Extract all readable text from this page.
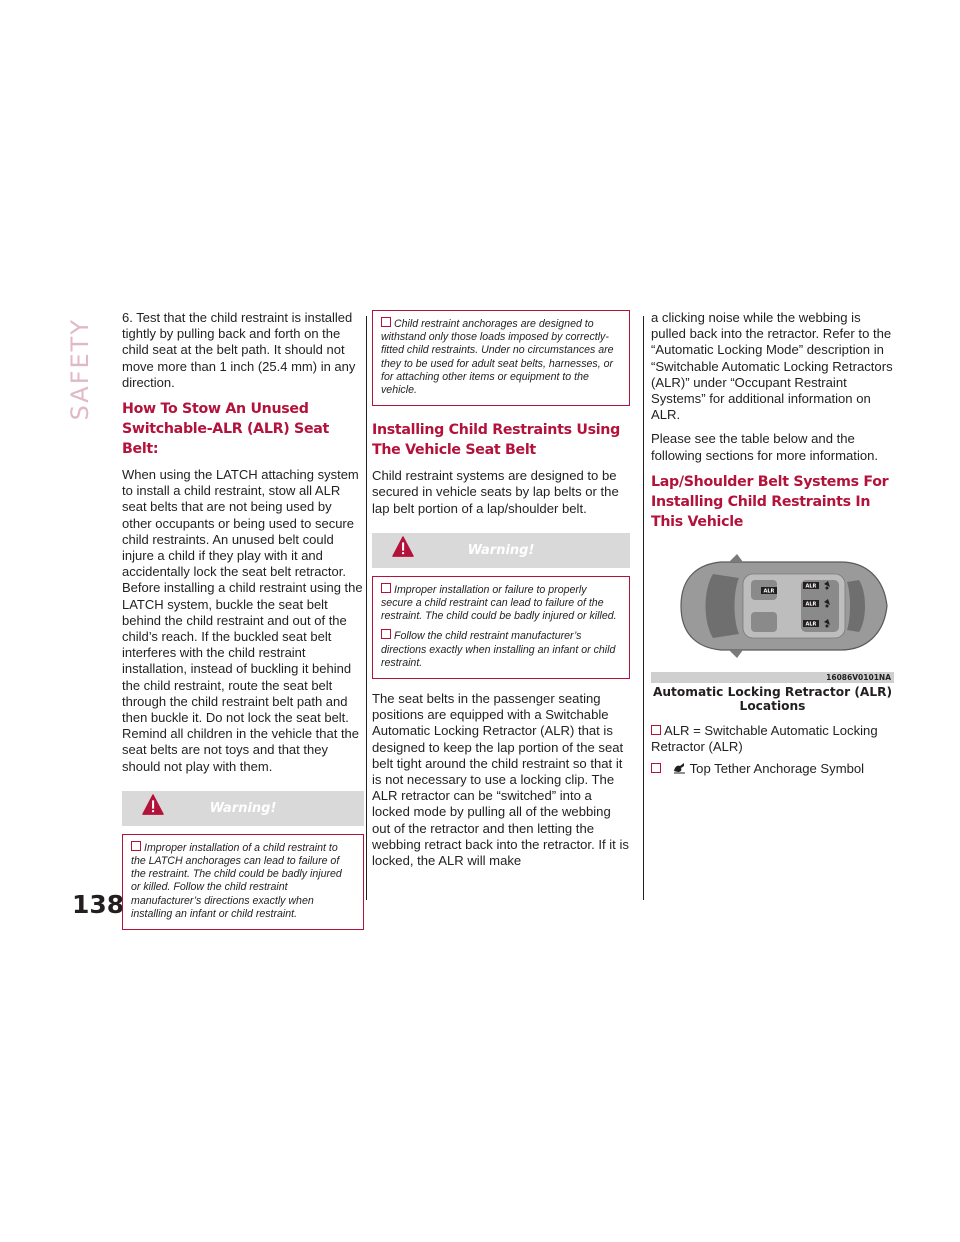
SAFETY
138

6. Test that the child restraint is installed tightly by pulling back and forth on the child seat at the belt path. It should not move more than 1 inch (25.4 mm) in any direction.

How To Stow An Unused Switchable-ALR (ALR) Seat Belt:

When using the LATCH attaching system to install a child restraint, stow all ALR seat belts that are not being used by other occupants or being used to secure child restraints. An unused belt could injure a child if they play with it and accidentally lock the seat belt retractor. Before installing a child restraint using the LATCH system, buckle the seat belt behind the child restraint and out of the child’s reach. If the buckled seat belt interferes with the child restraint installation, instead of buckling it behind the child restraint, route the seat belt through the child restraint belt path and then buckle it. Do not lock the seat belt. Remind all children in the vehicle that the seat belts are not toys and that they should not play with them.

Warning!

Improper installation of a child restraint to the LATCH anchorages can lead to failure of the restraint. The child could be badly injured or killed. Follow the child restraint manufacturer’s directions exactly when installing an infant or child restraint.

Child restraint anchorages are designed to withstand only those loads imposed by correctly-fitted child restraints. Under no circumstances are they to be used for adult seat belts, harnesses, or for attaching other items or equipment to the vehicle.

Installing Child Restraints Using The Vehicle Seat Belt

Child restraint systems are designed to be secured in vehicle seats by lap belts or the lap belt portion of a lap/shoulder belt.

Warning!

Improper installation or failure to properly secure a child restraint can lead to failure of the restraint. The child could be badly injured or killed.

Follow the child restraint manufacturer’s directions exactly when installing an infant or child restraint.

The seat belts in the passenger seating positions are equipped with a Switchable Automatic Locking Retractor (ALR) that is designed to keep the lap portion of the seat belt tight around the child restraint so that it is not necessary to use a locking clip. The ALR retractor can be “switched” into a locked mode by pulling all of the webbing out of the retractor and then letting the webbing retract back into the retractor. If it is locked, the ALR will make

a clicking noise while the webbing is pulled back into the retractor. Refer to the “Automatic Locking Mode” description in “Switchable Automatic Locking Retractors (ALR)” under “Occupant Restraint Systems” for additional information on ALR.

Please see the table below and the following sections for more information.

Lap/Shoulder Belt Systems For Installing Child Restraints In This Vehicle
ALR
ALR
ALR
ALR
16086V0101NA
Automatic Locking Retractor (ALR) Locations

ALR = Switchable Automatic Locking Retractor (ALR)

Top Tether Anchorage Symbol
